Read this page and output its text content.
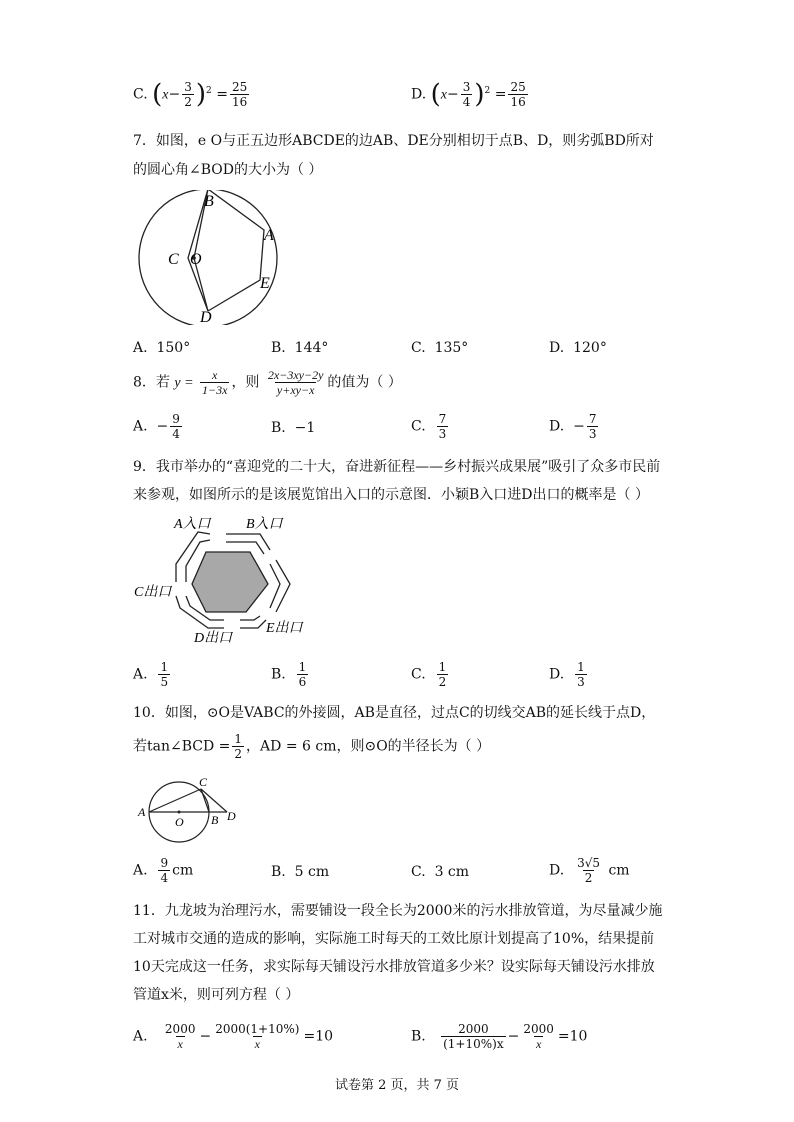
C. $(x- \frac{3}{2} )^2 = \frac{25}{16}$	D. $(x- \frac{3}{4} )^2 = \frac{25}{16}$
7．如图，e O与正五边形ABCDE的边AB、DE分别相切于点B、D，则劣弧BD所对
的圆心角∠BOD的大小为（ ）
B
A
C O
E
D
A. 150°	B. 144°	C. 135°	D. 120°
8．若 $y = \frac{x}{1-3x}$ ，则 $\frac{2x-3xy-2y}{y+xy-x}$ 的值为（ ）
A. − $\frac{9}{4}$	B. −1	C. $\frac{7}{3}$	D. − $\frac{7}{3}$
9．我市举办的“喜迎党的二十大，奋进新征程——乡村振兴成果展”吸引了众多市民前
来参观，如图所示的是该展览馆出入口的示意图．小颖B入口进D出口的概率是（ ）
A入口	B入口
C出口
D出口
E出口
A. $\frac{1}{5}$	B. $\frac{1}{6}$	C. $\frac{1}{2}$	D. $\frac{1}{3}$
10．如图，⊙O是VABC的外接圆，AB是直径，过点C的切线交AB的延长线于点D，
若tan∠BCD = $\frac{1}{2}$ ，AD = 6 cm，则⊙O的半径长为（ ）
A
O B
C
D
A. $\frac{9}{4}$ cm	B. 5 cm	C. 3 cm	D. $\frac{3√5}{2}$ cm
11．九龙坡为治理污水，需要铺设一段全长为2000米的污水排放管道，为尽量减少施
工对城市交通的造成的影响，实际施工时每天的工效比原计划提高了10%，结果提前
10天完成这一任务，求实际每天铺设污水排放管道多少米？设实际每天铺设污水排放
管道x米，则可列方程（ ）
A. $\frac{2000}{x} - \frac{2000(1+10\%)}{x} =10$	B. $\frac{2000}{(1+10\%)x} - \frac{2000}{x} =10$
试卷第 2 页，共 7 页
